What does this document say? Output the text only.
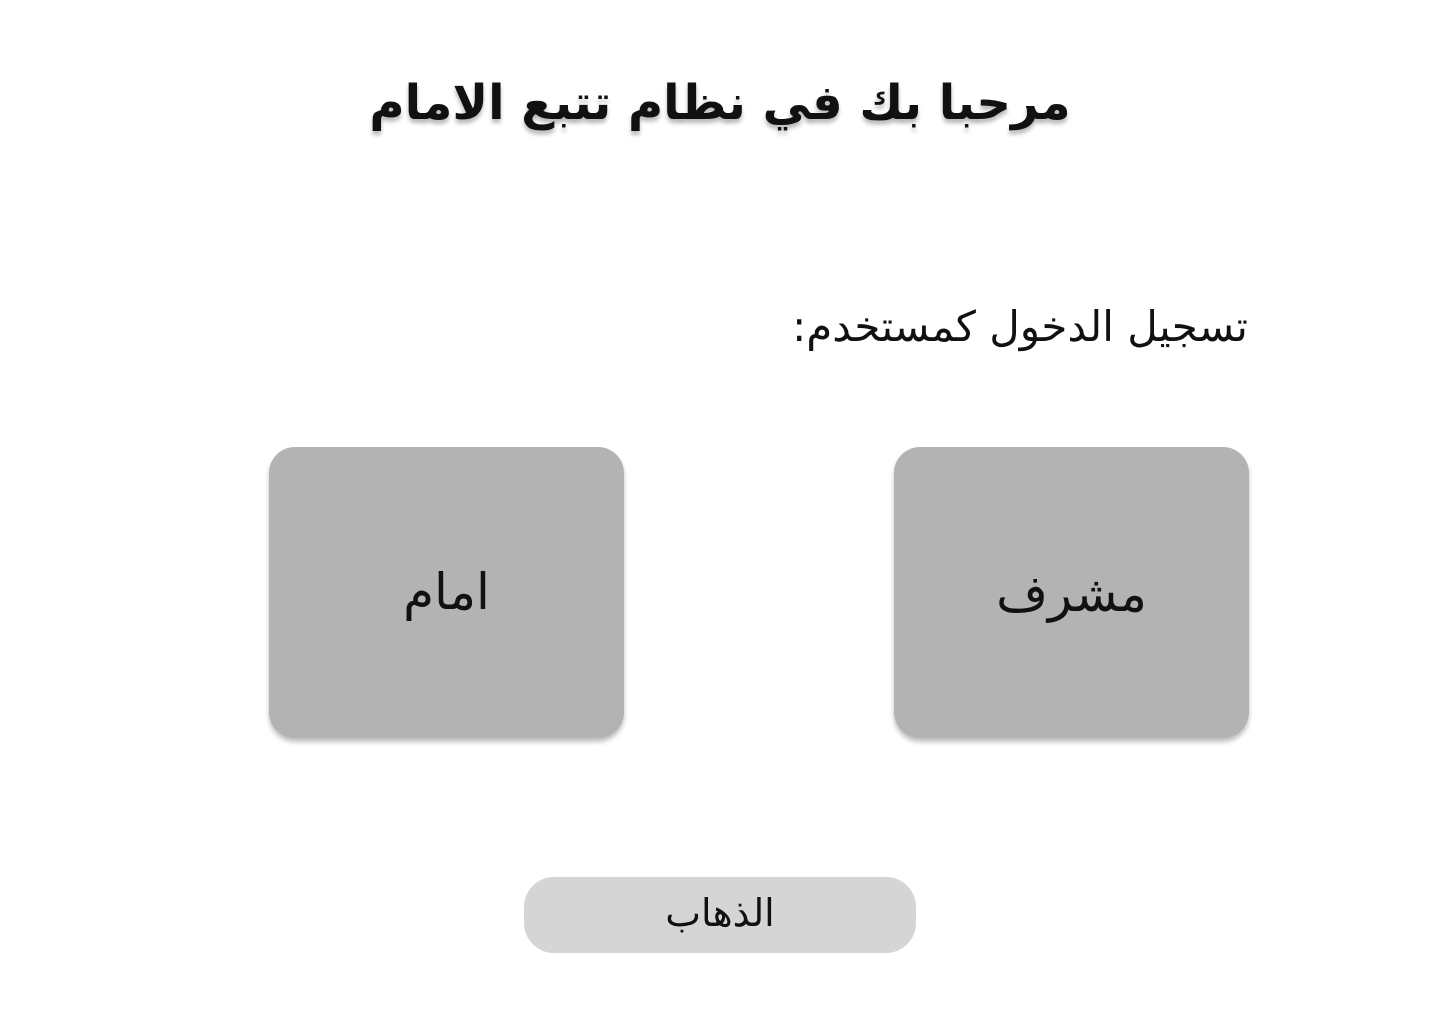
مرحبا بك في نظام تتبع الامام
تسجيل الدخول كمستخدم:
امام	مشرف
الذهاب
